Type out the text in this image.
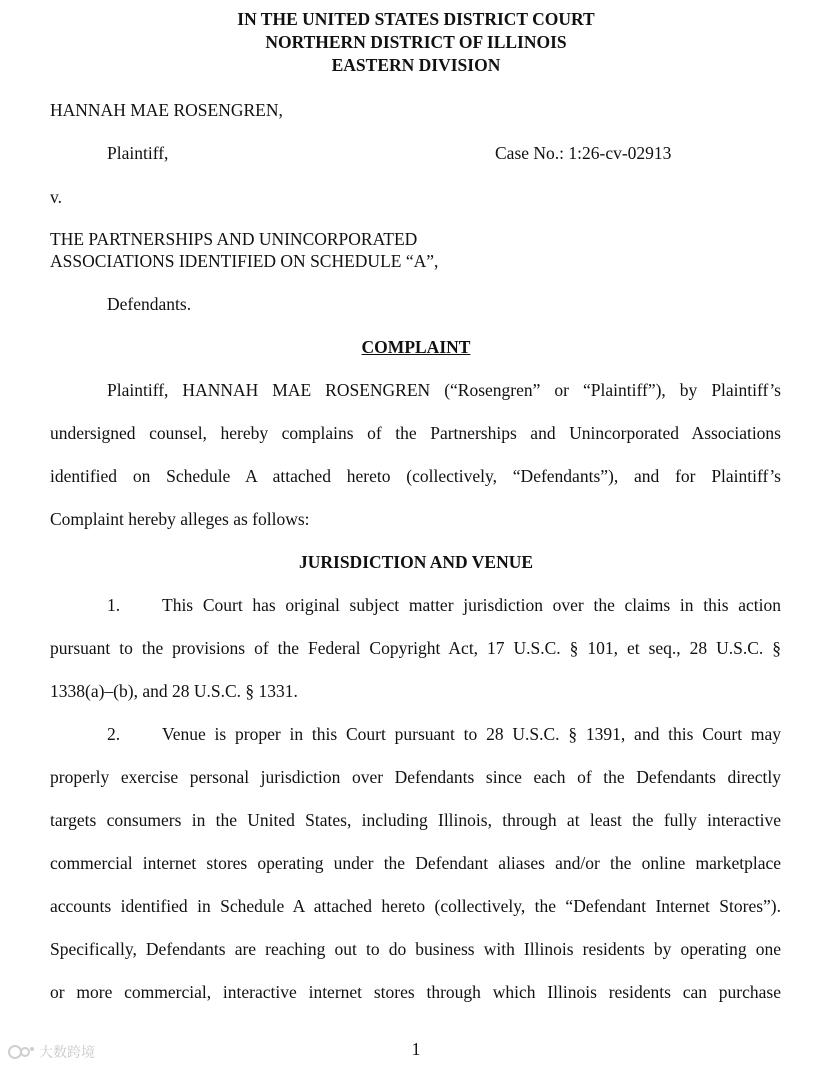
IN THE UNITED STATES DISTRICT COURT
NORTHERN DISTRICT OF ILLINOIS
EASTERN DIVISION
HANNAH MAE ROSENGREN,
Plaintiff,	Case No.: 1:26-cv-02913
v.
THE PARTNERSHIPS AND UNINCORPORATED
ASSOCIATIONS IDENTIFIED ON SCHEDULE “A”,
Defendants.
COMPLAINT
Plaintiff, HANNAH MAE ROSENGREN (“Rosengren” or “Plaintiff”), by Plaintiff’s
undersigned counsel, hereby complains of the Partnerships and Unincorporated Associations
identified on Schedule A attached hereto (collectively, “Defendants”), and for Plaintiff’s
Complaint hereby alleges as follows:
JURISDICTION AND VENUE
1. This Court has original subject matter jurisdiction over the claims in this action
pursuant to the provisions of the Federal Copyright Act, 17 U.S.C. § 101, et seq., 28 U.S.C. §
1338(a)–(b), and 28 U.S.C. § 1331.
2. Venue is proper in this Court pursuant to 28 U.S.C. § 1391, and this Court may
properly exercise personal jurisdiction over Defendants since each of the Defendants directly
targets consumers in the United States, including Illinois, through at least the fully interactive
commercial internet stores operating under the Defendant aliases and/or the online marketplace
accounts identified in Schedule A attached hereto (collectively, the “Defendant Internet Stores”).
Specifically, Defendants are reaching out to do business with Illinois residents by operating one
or more commercial, interactive internet stores through which Illinois residents can purchase
1
大数跨境
